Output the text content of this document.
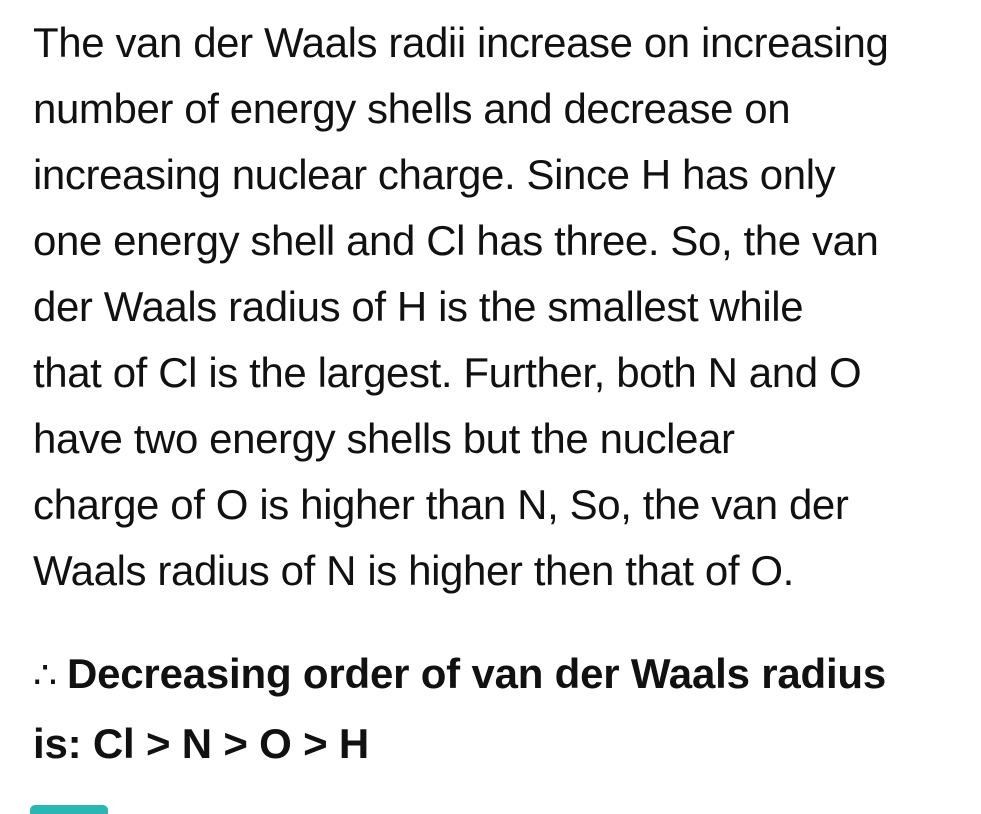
The van der Waals radii increase on increasing
number of energy shells and decrease on
increasing nuclear charge. Since H has only
one energy shell and Cl has three. So, the van
der Waals radius of H is the smallest while
that of Cl is the largest. Further, both N and O
have two energy shells but the nuclear
charge of O is higher than N, So, the van der
Waals radius of N is higher then that of O.
∴ Decreasing order of van der Waals radius
is: Cl > N > O > H
